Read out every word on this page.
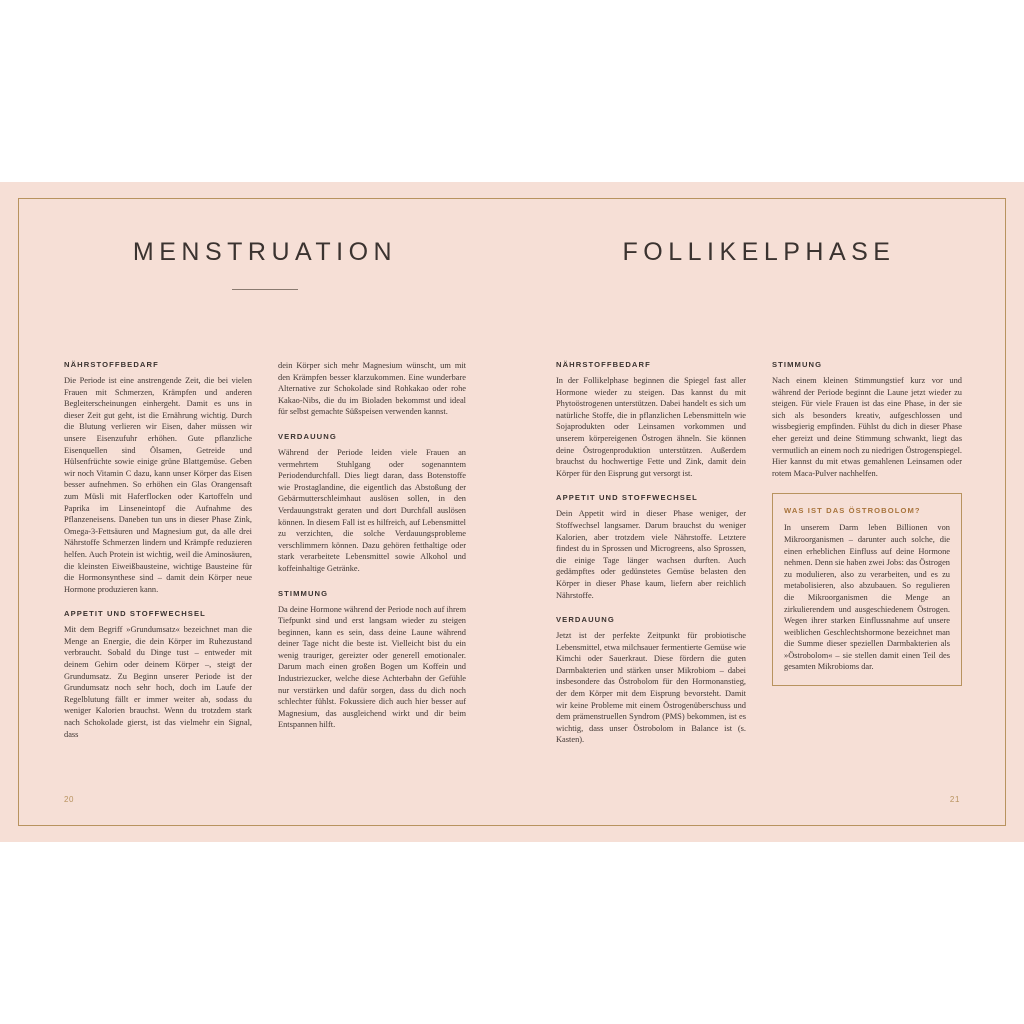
MENSTRUATION
NÄHRSTOFFBEDARF

Die Periode ist eine anstrengende Zeit, die bei vielen Frauen mit Schmerzen, Krämpfen und anderen Begleiterscheinungen einhergeht. Damit es uns in dieser Zeit gut geht, ist die Ernährung wichtig. Durch die Blutung verlieren wir Eisen, daher müssen wir unsere Eisenzufuhr erhöhen. Gute pflanzliche Eisenquellen sind Ölsamen, Getreide und Hülsenfrüchte sowie einige grüne Blattgemüse. Geben wir noch Vitamin C dazu, kann unser Körper das Eisen besser aufnehmen. So erhöhen ein Glas Orangensaft zum Müsli mit Haferflocken oder Kartoffeln und Paprika im Linseneintopf die Aufnahme des Pflanzeneisens. Daneben tun uns in dieser Phase Zink, Omega-3-Fettsäuren und Magnesium gut, da alle drei Nährstoffe Schmerzen lindern und Krämpfe reduzieren helfen. Auch Protein ist wichtig, weil die Aminosäuren, die kleinsten Eiweißbausteine, wichtige Bausteine für die Hormonsynthese sind – damit dein Körper neue Hormone produzieren kann.

APPETIT UND STOFFWECHSEL

Mit dem Begriff »Grundumsatz« bezeichnet man die Menge an Energie, die dein Körper im Ruhezustand verbraucht. Sobald du Dinge tust – entweder mit deinem Gehirn oder deinem Körper –, steigt der Grundumsatz. Zu Beginn unserer Periode ist der Grundumsatz noch sehr hoch, doch im Laufe der Regelblutung fällt er immer weiter ab, sodass du weniger Kalorien brauchst. Wenn du trotzdem stark nach Schokolade gierst, ist das vielmehr ein Signal, dass

dein Körper sich mehr Magnesium wünscht, um mit den Krämpfen besser klarzukommen. Eine wunderbare Alternative zur Schokolade sind Rohkakao oder rohe Kakao-Nibs, die du im Bioladen bekommst und ideal für selbst gemachte Süßspeisen verwenden kannst.

VERDAUUNG

Während der Periode leiden viele Frauen an vermehrtem Stuhlgang oder sogenanntem Periodendurchfall. Dies liegt daran, dass Botenstoffe wie Prostaglandine, die eigentlich das Abstoßung der Gebärmutterschleimhaut auslösen sollen, in den Verdauungstrakt geraten und dort Durchfall auslösen können. In diesem Fall ist es hilfreich, auf Lebensmittel zu verzichten, die solche Verdauungsprobleme verschlimmern können. Dazu gehören fetthaltige oder stark verarbeitete Lebensmittel sowie Alkohol und koffeinhaltige Getränke.

STIMMUNG

Da deine Hormone während der Periode noch auf ihrem Tiefpunkt sind und erst langsam wieder zu steigen beginnen, kann es sein, dass deine Laune während deiner Tage nicht die beste ist. Vielleicht bist du ein wenig trauriger, gereizter oder generell emotionaler. Darum mach einen großen Bogen um Koffein und Industriezucker, welche diese Achterbahn der Gefühle nur verstärken und dafür sorgen, dass du dich noch schlechter fühlst. Fokussiere dich auch hier besser auf Magnesium, das ausgleichend wirkt und dir beim Entspannen hilft.

20
FOLLIKELPHASE
NÄHRSTOFFBEDARF

In der Follikelphase beginnen die Spiegel fast aller Hormone wieder zu steigen. Das kannst du mit Phytoöstrogenen unterstützen. Dabei handelt es sich um natürliche Stoffe, die in pflanzlichen Lebensmitteln wie Sojaprodukten oder Leinsamen vorkommen und unserem körpereigenen Östrogen ähneln. Sie können deine Östrogenproduktion unterstützen. Außerdem brauchst du hochwertige Fette und Zink, damit dein Körper für den Eisprung gut versorgt ist.

APPETIT UND STOFFWECHSEL

Dein Appetit wird in dieser Phase weniger, der Stoffwechsel langsamer. Darum brauchst du weniger Kalorien, aber trotzdem viele Nährstoffe. Letztere findest du in Sprossen und Microgreens, also Sprossen, die einige Tage länger wachsen durften. Auch gedämpftes oder gedünstetes Gemüse belasten den Körper in dieser Phase kaum, liefern aber reichlich Nährstoffe.

VERDAUUNG

Jetzt ist der perfekte Zeitpunkt für probiotische Lebensmittel, etwa milchsauer fermentierte Gemüse wie Kimchi oder Sauerkraut. Diese fördern die guten Darmbakterien und stärken unser Mikrobiom – dabei insbesondere das Östrobolom für den Hormonanstieg, der dem Körper mit dem Eisprung bevorsteht. Damit wir keine Probleme mit einem Östrogenüberschuss und dem prämenstruellen Syndrom (PMS) bekommen, ist es wichtig, dass unser Östrobolom in Balance ist (s. Kasten).

STIMMUNG

Nach einem kleinen Stimmungstief kurz vor und während der Periode beginnt die Laune jetzt wieder zu steigen. Für viele Frauen ist das eine Phase, in der sie sich als besonders kreativ, aufgeschlossen und wissbegierig empfinden. Fühlst du dich in dieser Phase eher gereizt und deine Stimmung schwankt, liegt das vermutlich an einem noch zu niedrigen Östrogenspiegel. Hier kannst du mit etwas gemahlenen Leinsamen oder rotem Maca-Pulver nachhelfen.

WAS IST DAS ÖSTROBOLOM?

In unserem Darm leben Billionen von Mikroorganismen – darunter auch solche, die einen erheblichen Einfluss auf deine Hormone nehmen. Denn sie haben zwei Jobs: das Östrogen zu modulieren, also zu verarbeiten, und es zu metabolisieren, also abzubauen. So regulieren die Mikroorganismen die Menge an zirkulierendem und ausgeschiedenem Östrogen. Wegen ihrer starken Einflussnahme auf unsere weiblichen Geschlechtshormone bezeichnet man die Summe dieser speziellen Darmbakterien als »Östrobolom« – sie stellen damit einen Teil des gesamten Mikrobioms dar.

21
